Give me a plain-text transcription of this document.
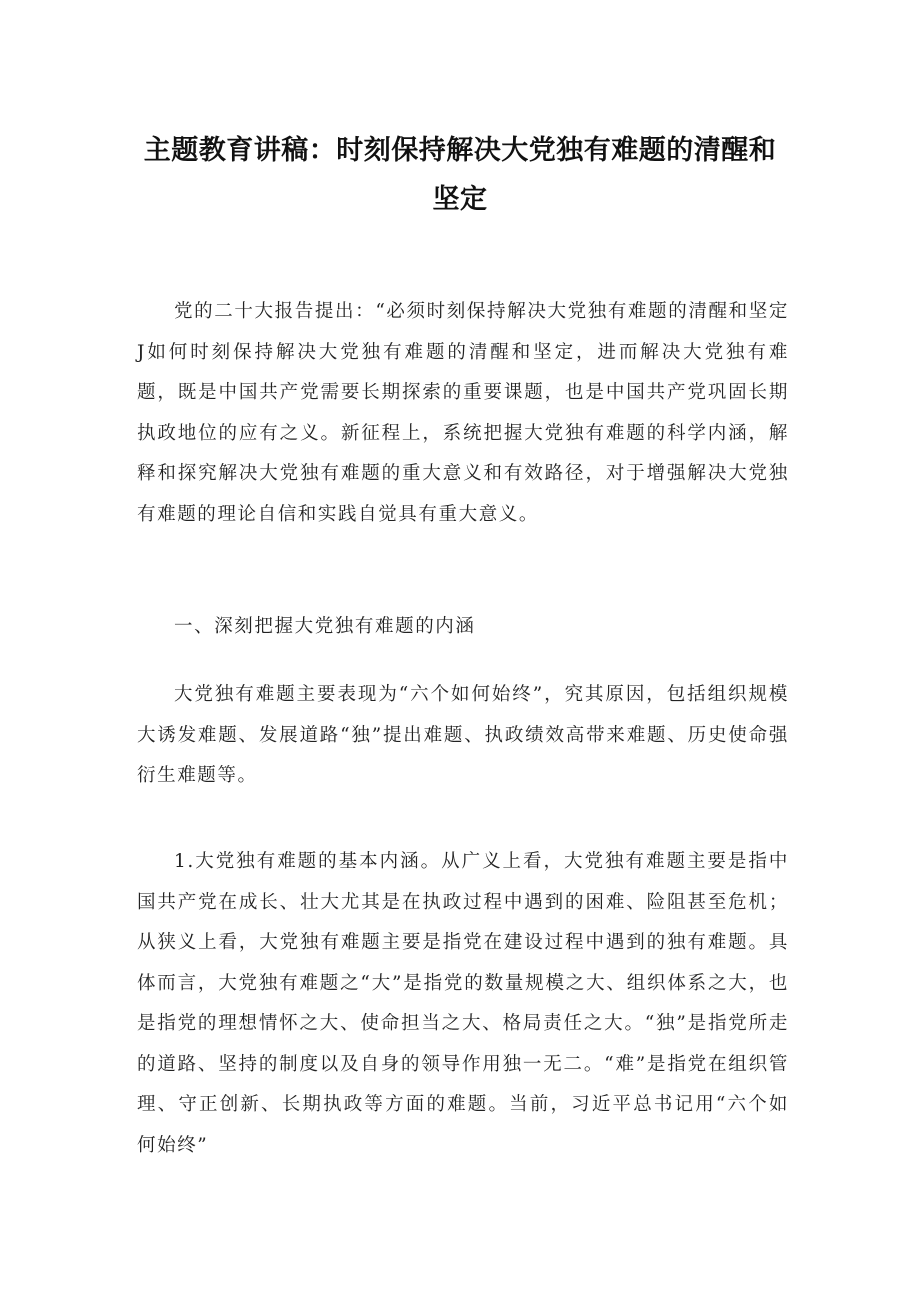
主题教育讲稿：时刻保持解决大党独有难题的清醒和
坚定

党的二十大报告提出：“必须时刻保持解决大党独有难题的清醒和坚定J如何时刻保持解决大党独有难题的清醒和坚定，进而解决大党独有难题，既是中国共产党需要长期探索的重要课题，也是中国共产党巩固长期执政地位的应有之义。新征程上，系统把握大党独有难题的科学内涵，解释和探究解决大党独有难题的重大意义和有效路径，对于增强解决大党独有难题的理论自信和实践自觉具有重大意义。

一、深刻把握大党独有难题的内涵

大党独有难题主要表现为“六个如何始终”，究其原因，包括组织规模大诱发难题、发展道路“独”提出难题、执政绩效高带来难题、历史使命强衍生难题等。

1.大党独有难题的基本内涵。从广义上看，大党独有难题主要是指中国共产党在成长、壮大尤其是在执政过程中遇到的困难、险阻甚至危机；从狭义上看，大党独有难题主要是指党在建设过程中遇到的独有难题。具体而言，大党独有难题之“大”是指党的数量规模之大、组织体系之大，也是指党的理想情怀之大、使命担当之大、格局责任之大。“独”是指党所走的道路、坚持的制度以及自身的领导作用独一无二。“难”是指党在组织管理、守正创新、长期执政等方面的难题。当前，习近平总书记用“六个如何始终”
